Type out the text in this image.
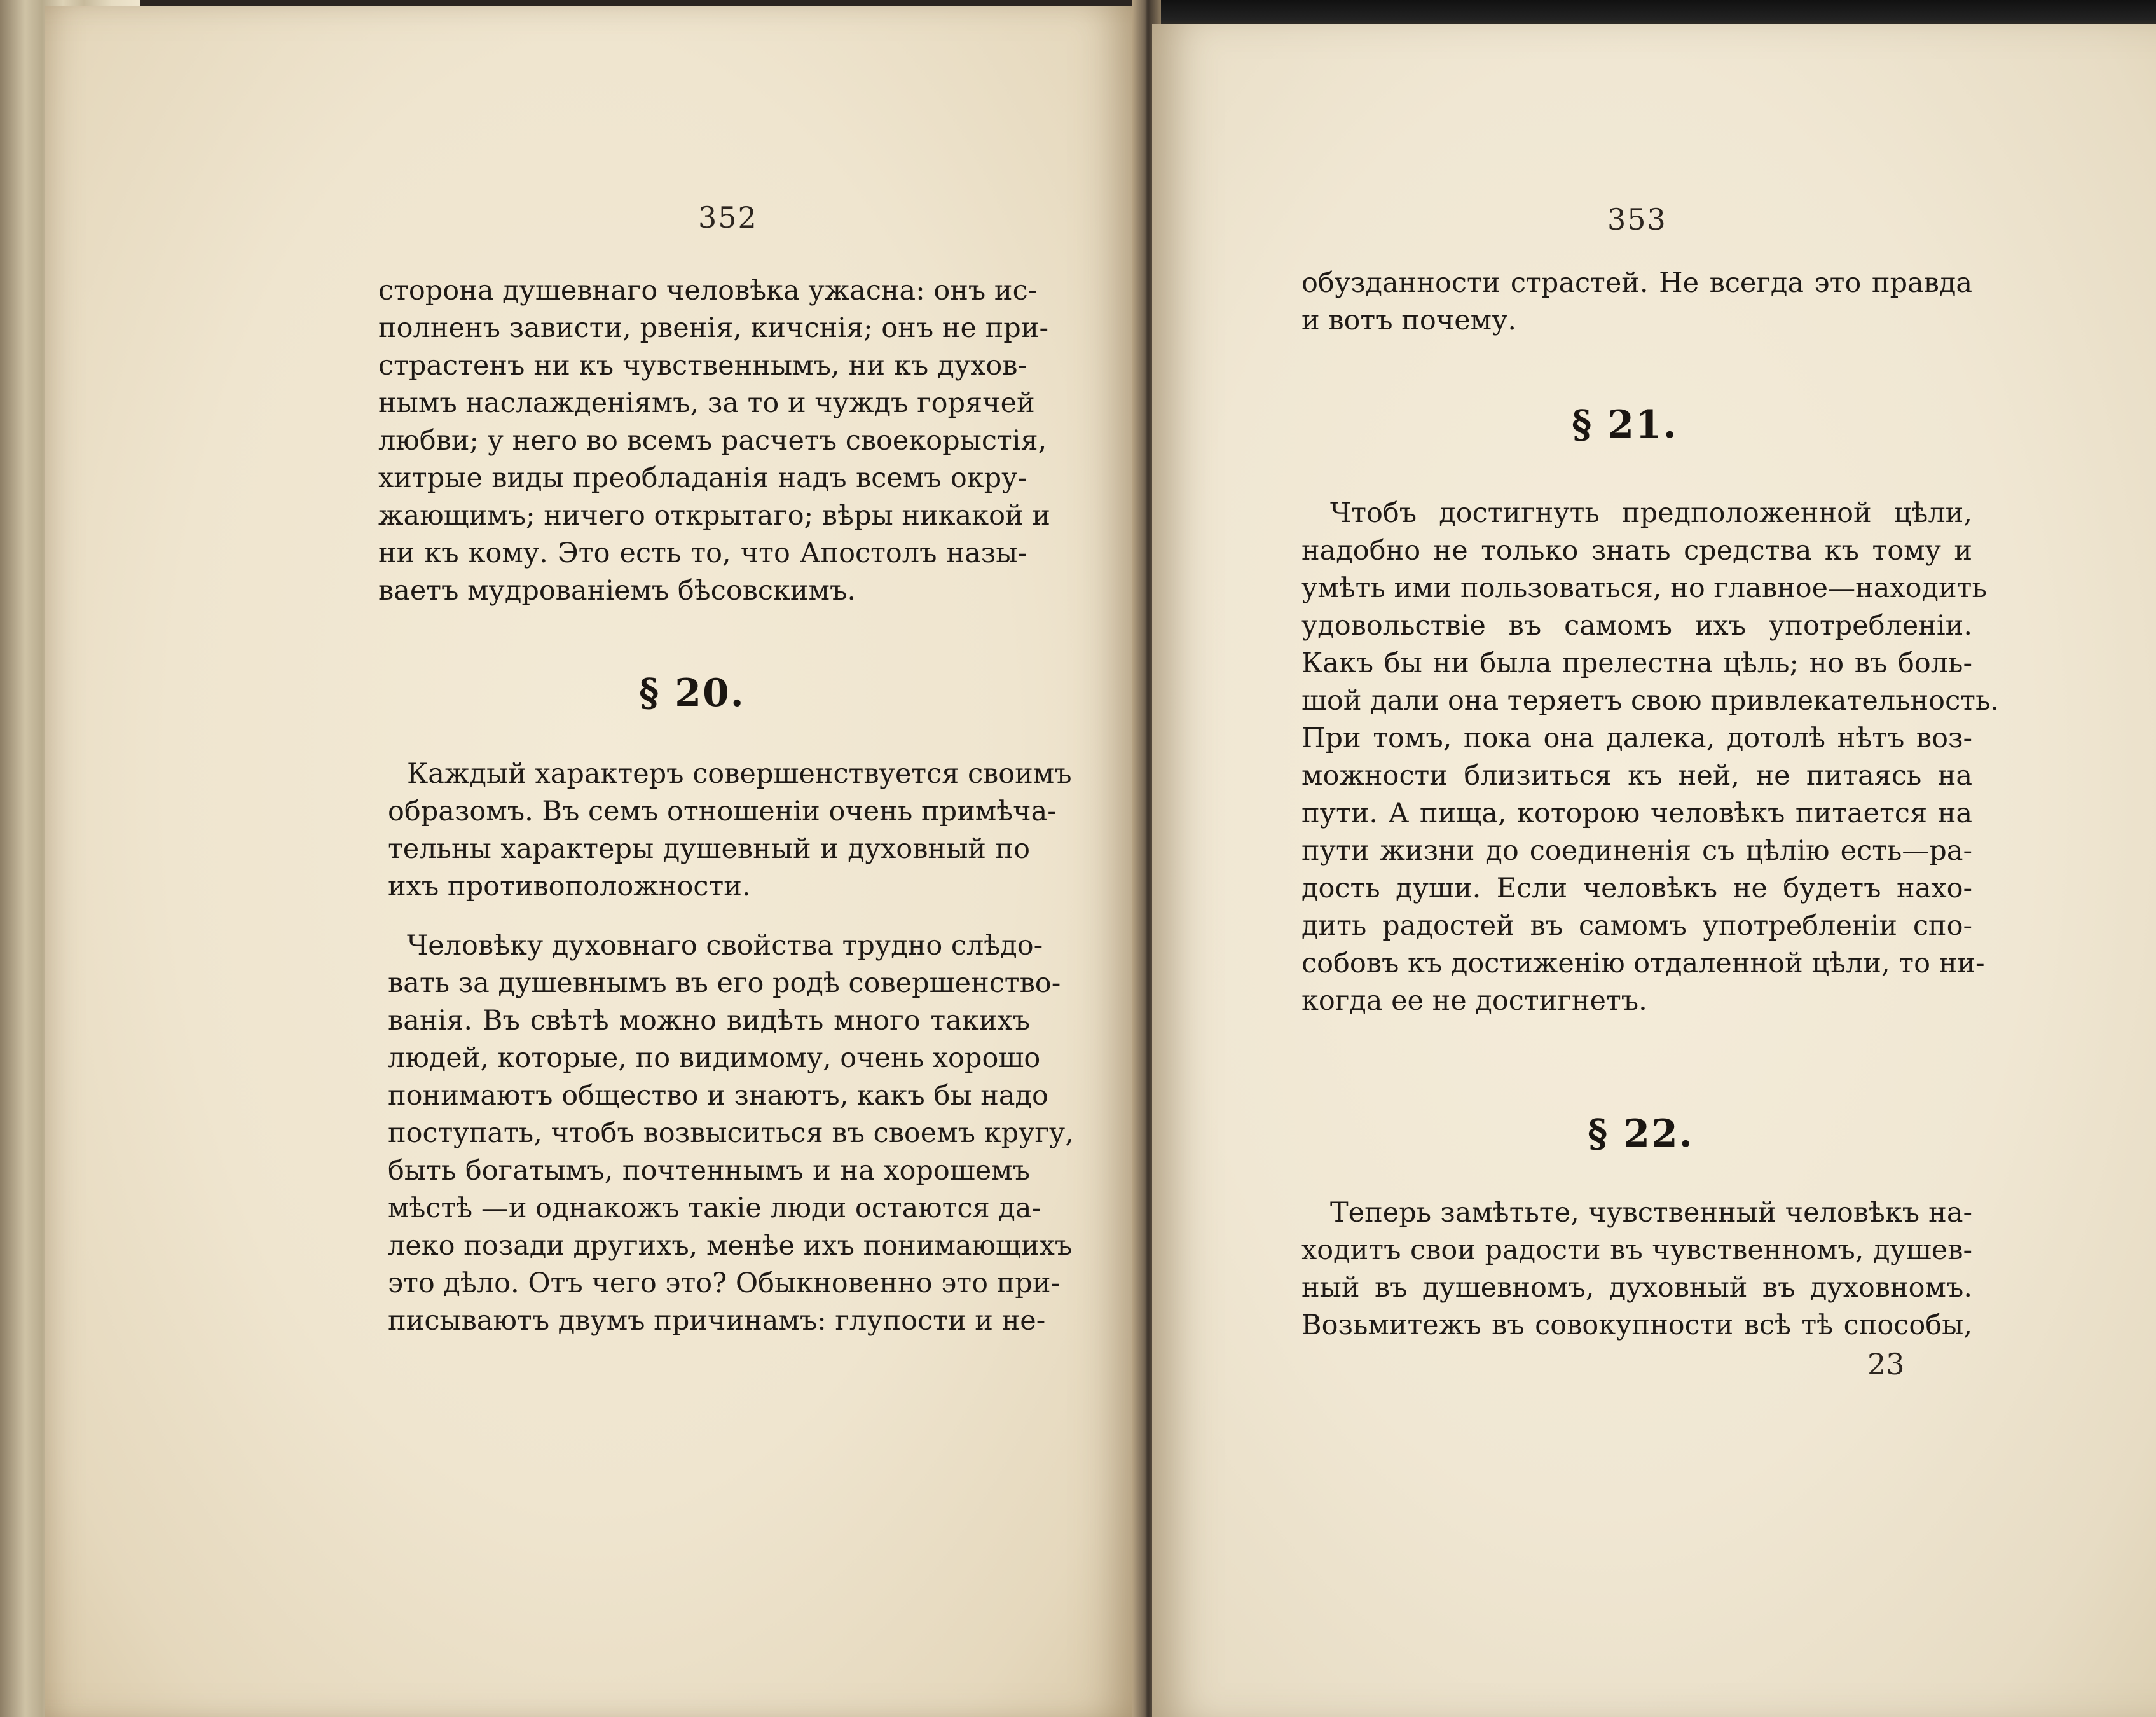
352
сторона душевнаго человѣка ужасна: онъ ис-
полненъ зависти, рвенія, кичснія; онъ не при-
страстенъ ни къ чувственнымъ, ни къ духов-
нымъ наслажденіямъ, за то и чуждъ горячей
любви; у него во всемъ расчетъ своекорыстія,
хитрые виды преобладанія надъ всемъ окру-
жающимъ; ничего открытаго; вѣры никакой и
ни къ кому. Это есть то, что Апостолъ назы-
ваетъ мудрованіемъ бѣсовскимъ.
§ 20.
Каждый характеръ совершенствуется своимъ
образомъ. Въ семъ отношеніи очень примѣча-
тельны характеры душевный и духовный по
ихъ противоположности.
Человѣку духовнаго свойства трудно слѣдо-
вать за душевнымъ въ его родѣ совершенство-
ванія. Въ свѣтѣ можно видѣть много такихъ
людей, которые, по видимому, очень хорошо
понимаютъ общество и знаютъ, какъ бы надо
поступать, чтобъ возвыситься въ своемъ кругу,
быть богатымъ, почтеннымъ и на хорошемъ
мѣстѣ —и однакожъ такіе люди остаются да-
леко позади другихъ, менѣе ихъ понимающихъ
это дѣло. Отъ чего это? Обыкновенно это при-
писываютъ двумъ причинамъ: глупости и не-
353
обузданности страстей. Не всегда это правда
и вотъ почему.
§ 21.
Чтобъ достигнуть предположенной цѣли,
надобно не только знать средства къ тому и
умѣть ими пользоваться, но главное—находить
удовольствіе въ самомъ ихъ употребленіи.
Какъ бы ни была прелестна цѣль; но въ боль-
шой дали она теряетъ свою привлекательность.
При томъ, пока она далека, дотолѣ нѣтъ воз-
можности близиться къ ней, не питаясь на
пути. А пища, которою человѣкъ питается на
пути жизни до соединенія съ цѣлію есть—ра-
дость души. Если человѣкъ не будетъ нахо-
дить радостей въ самомъ употребленіи спо-
собовъ къ достиженію отдаленной цѣли, то ни-
когда ее не достигнетъ.
§ 22.
Теперь замѣтьте, чувственный человѣкъ на-
ходитъ свои радости въ чувственномъ, душев-
ный въ душевномъ, духовный въ духовномъ.
Возьмитежъ въ совокупности всѣ тѣ способы,
23
